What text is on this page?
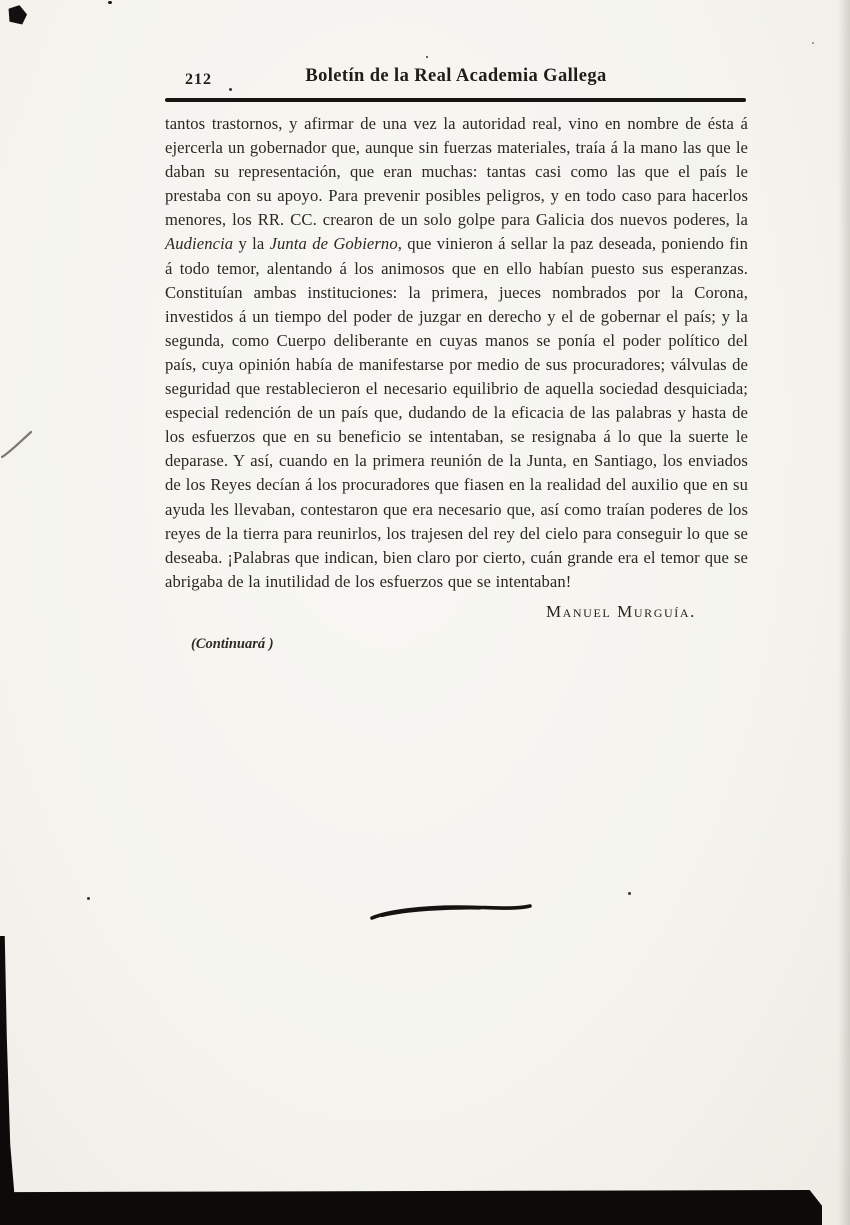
212	Boletín de la Real Academia Gallega

tantos trastornos, y afirmar de una vez la autoridad real, vino en nombre de ésta á ejercerla un gobernador que, aunque sin fuerzas materiales, traía á la mano las que le daban su representación, que eran muchas: tantas casi como las que el país le prestaba con su apoyo. Para prevenir posibles peligros, y en todo caso para hacerlos menores, los RR. CC. crearon de un solo golpe para Galicia dos nuevos poderes, la Audiencia y la Junta de Gobierno, que vinieron á sellar la paz deseada, poniendo fin á todo temor, alentando á los animosos que en ello habían puesto sus esperanzas. Constituían ambas instituciones: la primera, jueces nombrados por la Corona, investidos á un tiempo del poder de juzgar en derecho y el de gobernar el país; y la segunda, como Cuerpo deliberante en cuyas manos se ponía el poder político del país, cuya opinión había de manifestarse por medio de sus procuradores; válvulas de seguridad que restablecieron el necesario equilibrio de aquella sociedad desquiciada; especial redención de un país que, dudando de la eficacia de las palabras y hasta de los esfuerzos que en su beneficio se intentaban, se resignaba á lo que la suerte le deparase. Y así, cuando en la primera reunión de la Junta, en Santiago, los enviados de los Reyes decían á los procuradores que fiasen en la realidad del auxilio que en su ayuda les llevaban, contestaron que era necesario que, así como traían poderes de los reyes de la tierra para reunirlos, los trajesen del rey del cielo para conseguir lo que se deseaba. ¡Palabras que indican, bien claro por cierto, cuán grande era el temor que se abrigaba de la inutilidad de los esfuerzos que se intentaban!

Manuel Murguía.

(Continuará )
